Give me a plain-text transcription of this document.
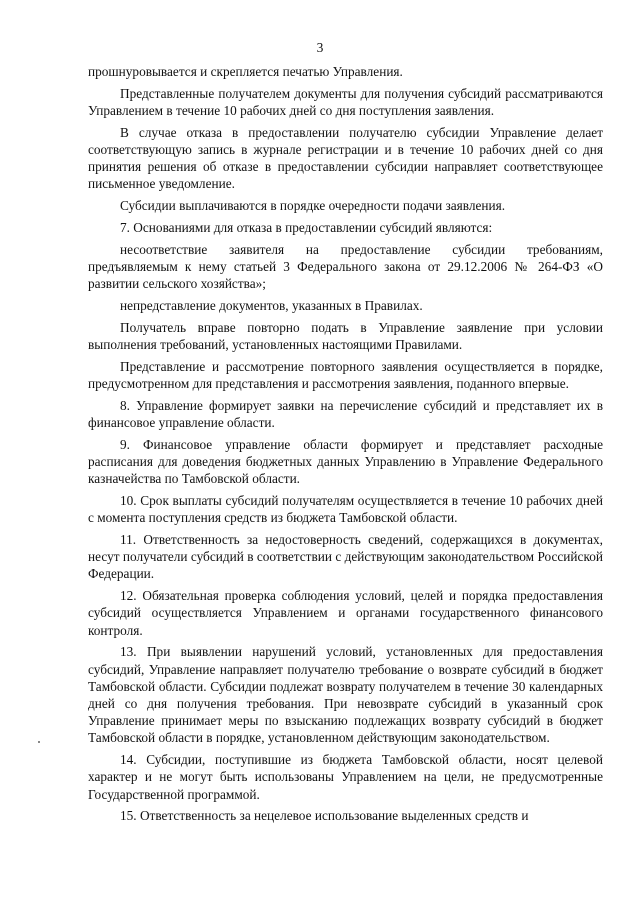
3

прошнуровывается и скрепляется печатью Управления.

Представленные получателем документы для получения субсидий рассматриваются Управлением в течение 10 рабочих дней со дня поступления заявления.

В случае отказа в предоставлении получателю субсидии Управление делает соответствующую запись в журнале регистрации и в течение 10 рабочих дней со дня принятия решения об отказе в предоставлении субсидии направляет соответствующее письменное уведомление.

Субсидии выплачиваются в порядке очередности подачи заявления.

7. Основаниями для отказа в предоставлении субсидий являются:

несоответствие заявителя на предоставление субсидии требованиям, предъявляемым к нему статьей 3 Федерального закона от 29.12.2006 № 264-ФЗ «О развитии сельского хозяйства»;

непредставление документов, указанных в Правилах.

Получатель вправе повторно подать в Управление заявление при условии выполнения требований, установленных настоящими Правилами.

Представление и рассмотрение повторного заявления осуществляется в порядке, предусмотренном для представления и рассмотрения заявления, поданного впервые.

8. Управление формирует заявки на перечисление субсидий и представляет их в финансовое управление области.

9. Финансовое управление области формирует и представляет расходные расписания для доведения бюджетных данных Управлению в Управление Федерального казначейства по Тамбовской области.

10. Срок выплаты субсидий получателям осуществляется в течение 10 рабочих дней с момента поступления средств из бюджета Тамбовской области.

11. Ответственность за недостоверность сведений, содержащихся в документах, несут получатели субсидий в соответствии с действующим законодательством Российской Федерации.

12. Обязательная проверка соблюдения условий, целей и порядка предоставления субсидий осуществляется Управлением и органами государственного финансового контроля.

13. При выявлении нарушений условий, установленных для предоставления субсидий, Управление направляет получателю требование о возврате субсидий в бюджет Тамбовской области. Субсидии подлежат возврату получателем в течение 30 календарных дней со дня получения требования. При невозврате субсидий в указанный срок Управление принимает меры по взысканию подлежащих возврату субсидий в бюджет Тамбовской области в порядке, установленном действующим законодательством.

14. Субсидии, поступившие из бюджета Тамбовской области, носят целевой характер и не могут быть использованы Управлением на цели, не предусмотренные Государственной программой.

15. Ответственность за нецелевое использование выделенных средств и
